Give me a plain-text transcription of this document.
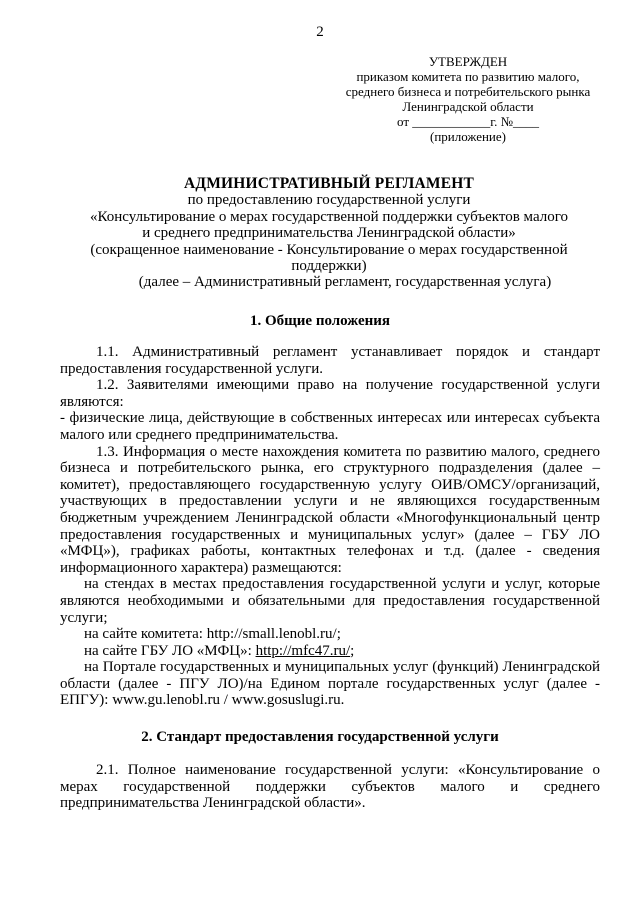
2
УТВЕРЖДЕН
приказом комитета по развитию малого,
среднего бизнеса и потребительского рынка
Ленинградской области
от ____________г. №____
(приложение)
АДМИНИСТРАТИВНЫЙ РЕГЛАМЕНТ
по предоставлению государственной услуги
«Консультирование о мерах государственной поддержки субъектов малого
и среднего предпринимательства Ленинградской области»
(сокращенное наименование - Консультирование о мерах государственной
поддержки)
(далее – Административный регламент, государственная услуга)
1. Общие положения

1.1. Административный регламент устанавливает порядок и стандарт предоставления государственной услуги.

1.2. Заявителями имеющими право на получение государственной услуги являются:

- физические лица, действующие в собственных интересах или интересах субъекта малого или среднего предпринимательства.

1.3. Информация о месте нахождения комитета по развитию малого, среднего бизнеса и потребительского рынка, его структурного подразделения (далее – комитет), предоставляющего государственную услугу ОИВ/ОМСУ/организаций, участвующих в предоставлении услуги и не являющихся государственным бюджетным учреждением Ленинградской области «Многофункциональный центр предоставления государственных и муниципальных услуг» (далее – ГБУ ЛО «МФЦ»), графиках работы, контактных телефонах и т.д. (далее - сведения информационного характера) размещаются:

на стендах в местах предоставления государственной услуги и услуг, которые являются необходимыми и обязательными для предоставления государственной услуги;

на сайте комитета: http://small.lenobl.ru/;

на сайте ГБУ ЛО «МФЦ»: http://mfc47.ru/;

на Портале государственных и муниципальных услуг (функций) Ленинградской области (далее - ПГУ ЛО)/на Едином портале государственных услуг (далее - ЕПГУ): www.gu.lenobl.ru / www.gosuslugi.ru.

2. Стандарт предоставления государственной услуги

2.1. Полное наименование государственной услуги: «Консультирование о мерах государственной поддержки субъектов малого и среднего предпринимательства Ленинградской области».
